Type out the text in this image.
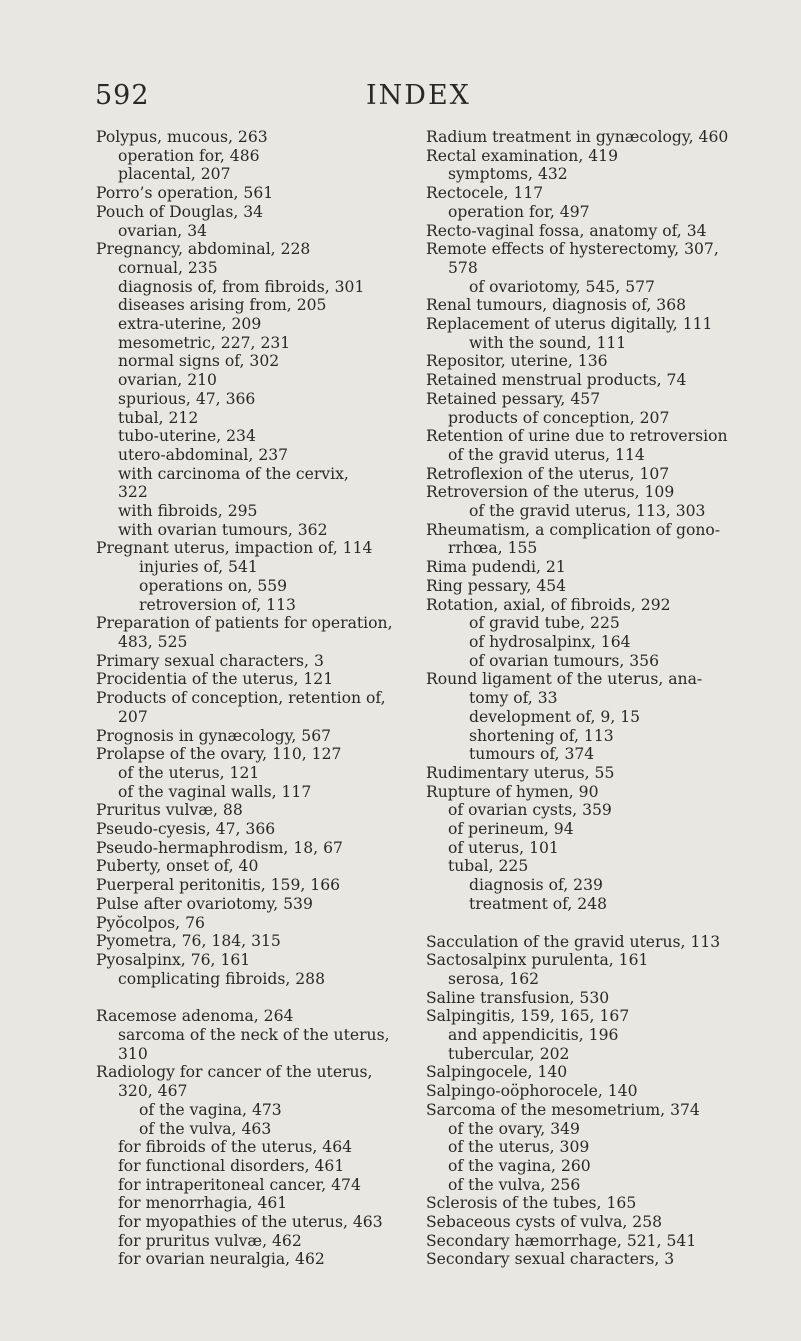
592	INDEX
Polypus, mucous, 263
operation for, 486
placental, 207
Porro’s operation, 561
Pouch of Douglas, 34
ovarian, 34
Pregnancy, abdominal, 228
cornual, 235
diagnosis of, from fibroids, 301
diseases arising from, 205
extra-uterine, 209
mesometric, 227, 231
normal signs of, 302
ovarian, 210
spurious, 47, 366
tubal, 212
tubo-uterine, 234
utero-abdominal, 237
with carcinoma of the cervix,
322
with fibroids, 295
with ovarian tumours, 362
Pregnant uterus, impaction of, 114
injuries of, 541
operations on, 559
retroversion of, 113
Preparation of patients for operation,
483, 525
Primary sexual characters, 3
Procidentia of the uterus, 121
Products of conception, retention of,
207
Prognosis in gynæcology, 567
Prolapse of the ovary, 110, 127
of the uterus, 121
of the vaginal walls, 117
Pruritus vulvæ, 88
Pseudo-cyesis, 47, 366
Pseudo-hermaphrodism, 18, 67
Puberty, onset of, 40
Puerperal peritonitis, 159, 166
Pulse after ovariotomy, 539
Pyŏcolpos, 76
Pyometra, 76, 184, 315
Pyosalpinx, 76, 161
complicating fibroids, 288
Racemose adenoma, 264
sarcoma of the neck of the uterus,
310
Radiology for cancer of the uterus,
320, 467
of the vagina, 473
of the vulva, 463
for fibroids of the uterus, 464
for functional disorders, 461
for intraperitoneal cancer, 474
for menorrhagia, 461
for myopathies of the uterus, 463
for pruritus vulvæ, 462
for ovarian neuralgia, 462
Radium treatment in gynæcology, 460
Rectal examination, 419
symptoms, 432
Rectocele, 117
operation for, 497
Recto-vaginal fossa, anatomy of, 34
Remote effects of hysterectomy, 307,
578
of ovariotomy, 545, 577
Renal tumours, diagnosis of, 368
Replacement of uterus digitally, 111
with the sound, 111
Repositor, uterine, 136
Retained menstrual products, 74
Retained pessary, 457
products of conception, 207
Retention of urine due to retroversion
of the gravid uterus, 114
Retroflexion of the uterus, 107
Retroversion of the uterus, 109
of the gravid uterus, 113, 303
Rheumatism, a complication of gono-
rrhœa, 155
Rima pudendi, 21
Ring pessary, 454
Rotation, axial, of fibroids, 292
of gravid tube, 225
of hydrosalpinx, 164
of ovarian tumours, 356
Round ligament of the uterus, ana-
tomy of, 33
development of, 9, 15
shortening of, 113
tumours of, 374
Rudimentary uterus, 55
Rupture of hymen, 90
of ovarian cysts, 359
of perineum, 94
of uterus, 101
tubal, 225
diagnosis of, 239
treatment of, 248
Sacculation of the gravid uterus, 113
Sactosalpinx purulenta, 161
serosa, 162
Saline transfusion, 530
Salpingitis, 159, 165, 167
and appendicitis, 196
tubercular, 202
Salpingocele, 140
Salpingo-oöphorocele, 140
Sarcoma of the mesometrium, 374
of the ovary, 349
of the uterus, 309
of the vagina, 260
of the vulva, 256
Sclerosis of the tubes, 165
Sebaceous cysts of vulva, 258
Secondary hæmorrhage, 521, 541
Secondary sexual characters, 3
